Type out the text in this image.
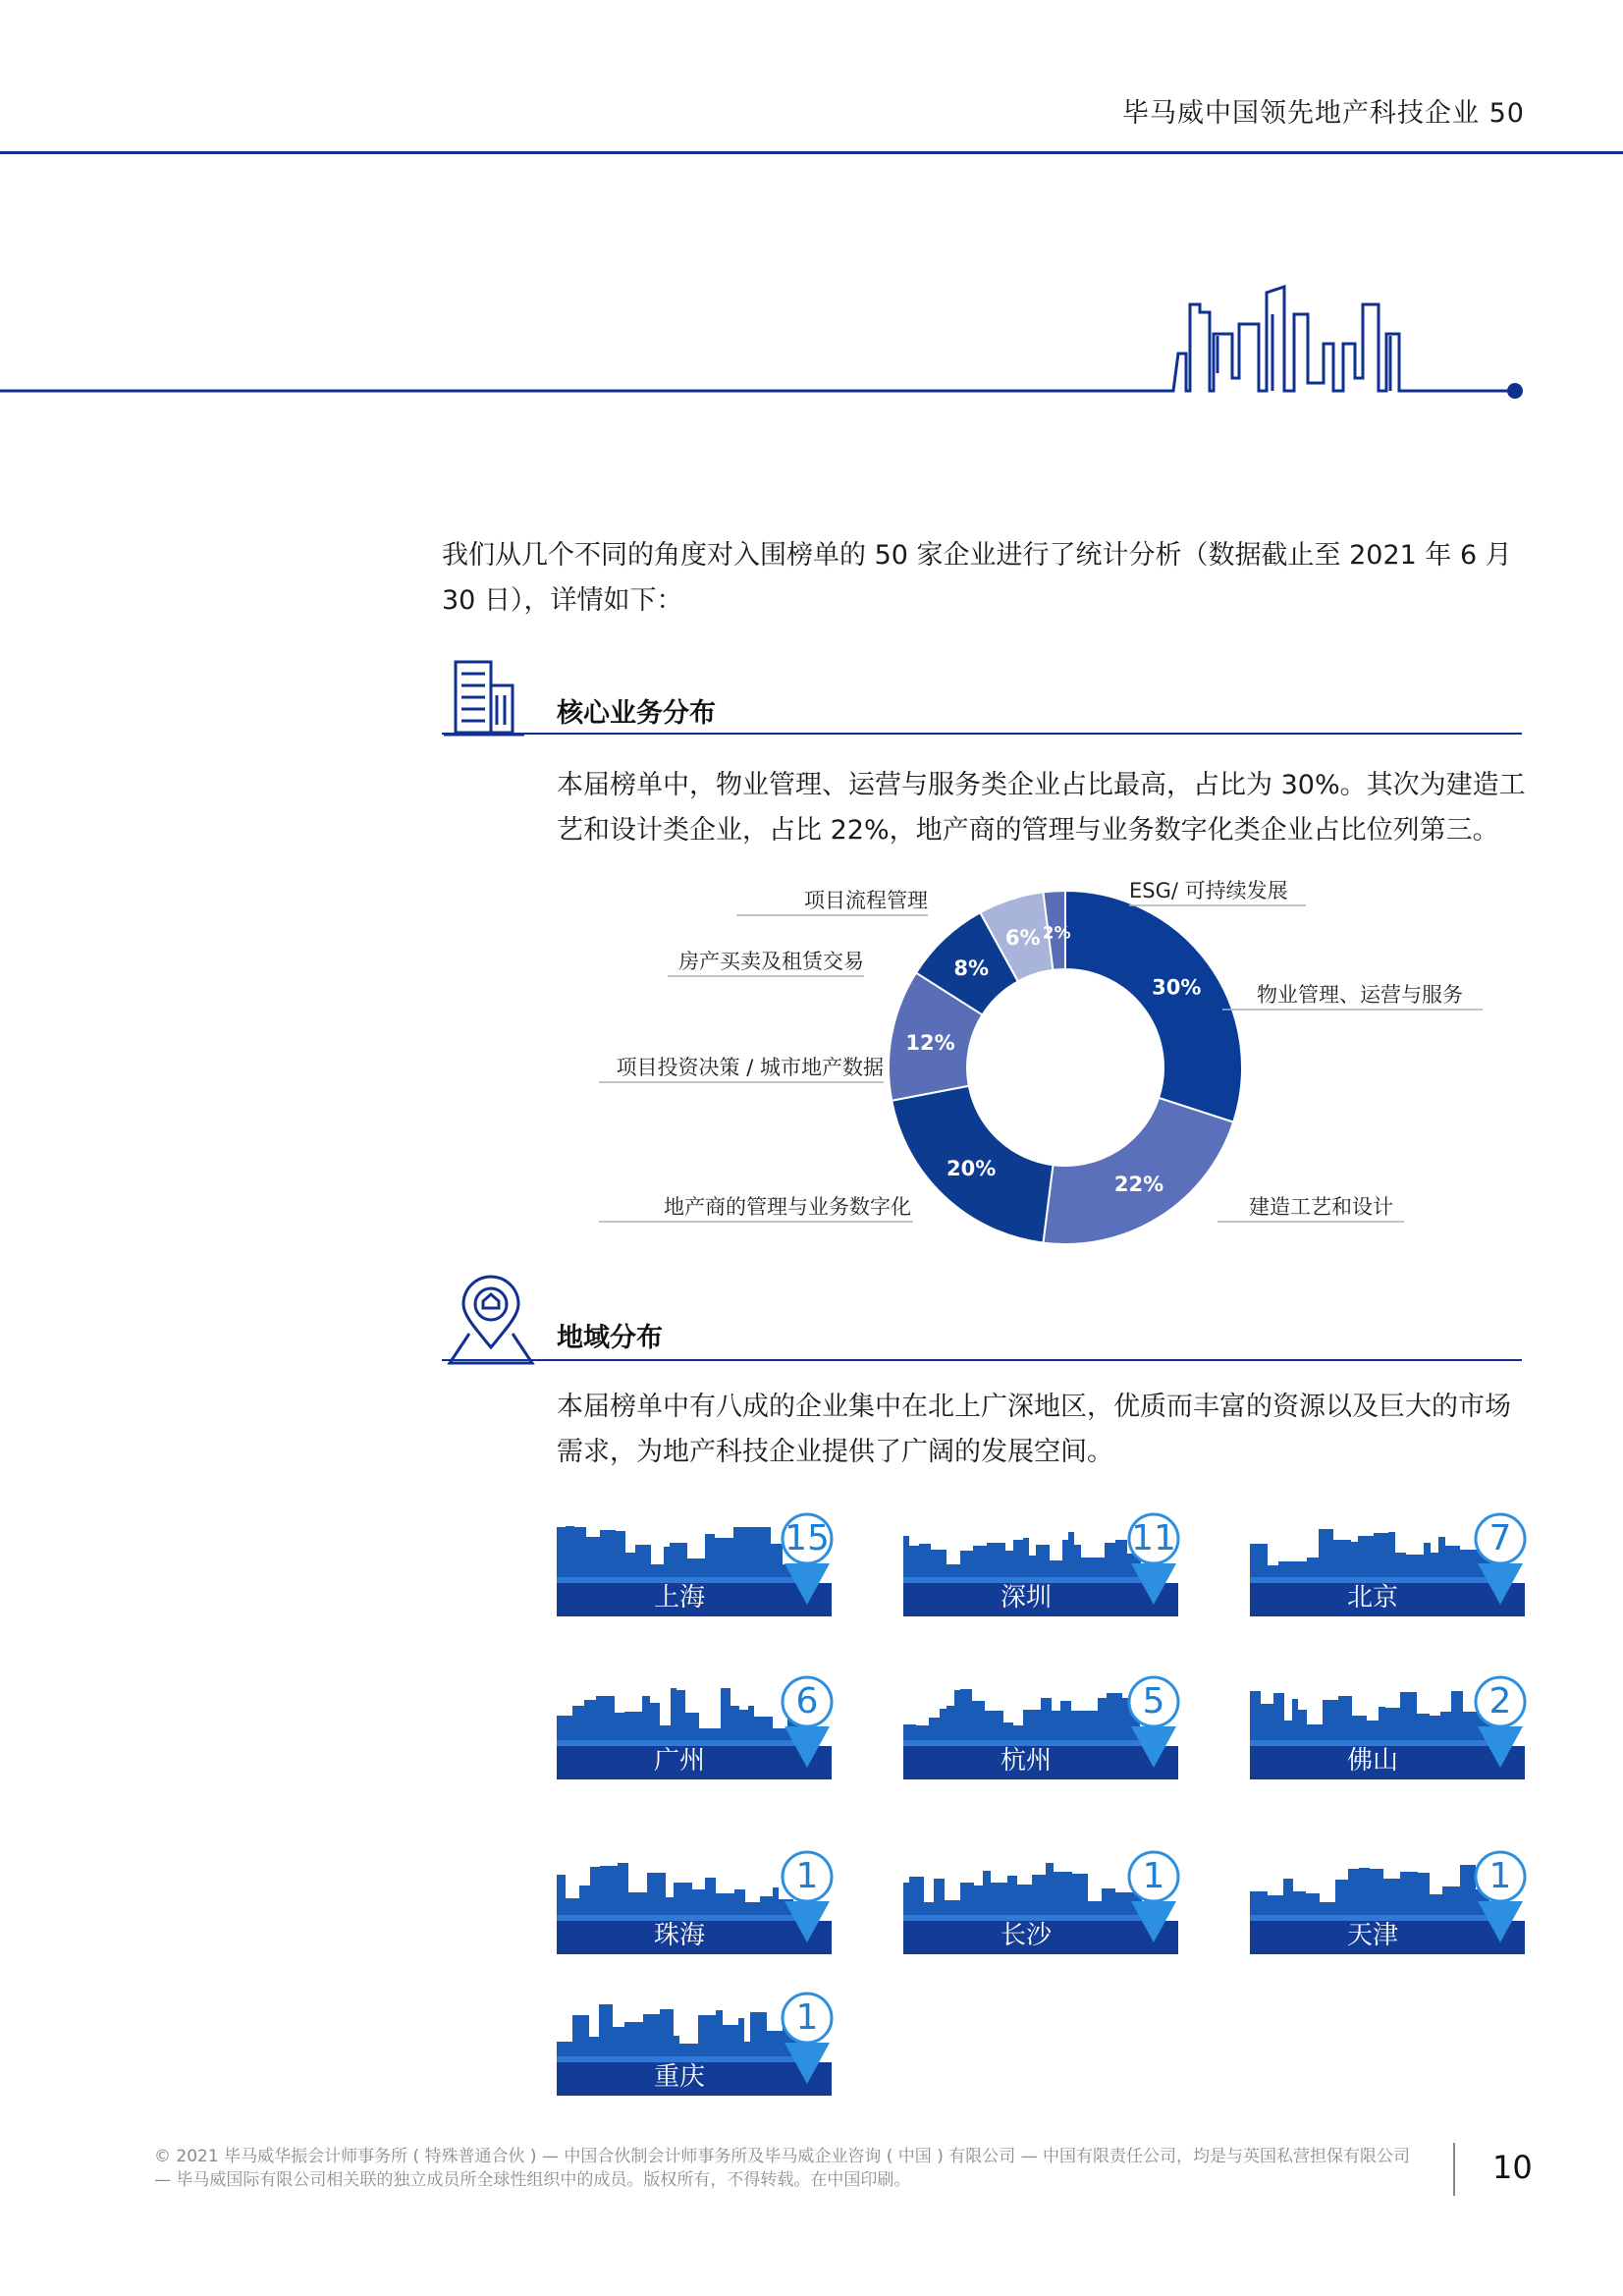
毕马威中国领先地产科技企业 50
我们从几个不同的角度对入围榜单的 50 家企业进行了统计分析（数据截止至 2021 年 6 月 30 日），详情如下：
核心业务分布
本届榜单中，物业管理、运营与服务类企业占比最高，占比为 30%。其次为建造工艺和设计类企业，占比 22%，地产商的管理与业务数字化类企业占比位列第三。
30%
22%
20%
12%
8%
6% 2%
物业管理、运营与服务
建造工艺和设计
地产商的管理与业务数字化
项目投资决策 / 城市地产数据
房产买卖及租赁交易
项目流程管理	ESG/ 可持续发展
地域分布
本届榜单中有八成的企业集中在北上广深地区，优质而丰富的资源以及巨大的市场需求，为地产科技企业提供了广阔的发展空间。
15
上海
11
深圳
7
北京
6
广州
5
杭州
2
佛山
1
珠海
1
长沙
1
天津
1
重庆
© 2021 毕马威华振会计师事务所 ( 特殊普通合伙 ) — 中国合伙制会计师事务所及毕马威企业咨询 ( 中国 ) 有限公司 — 中国有限责任公司，均是与英国私营担保有限公司 — 毕马威国际有限公司相关联的独立成员所全球性组织中的成员。版权所有，不得转载。在中国印刷。	10
